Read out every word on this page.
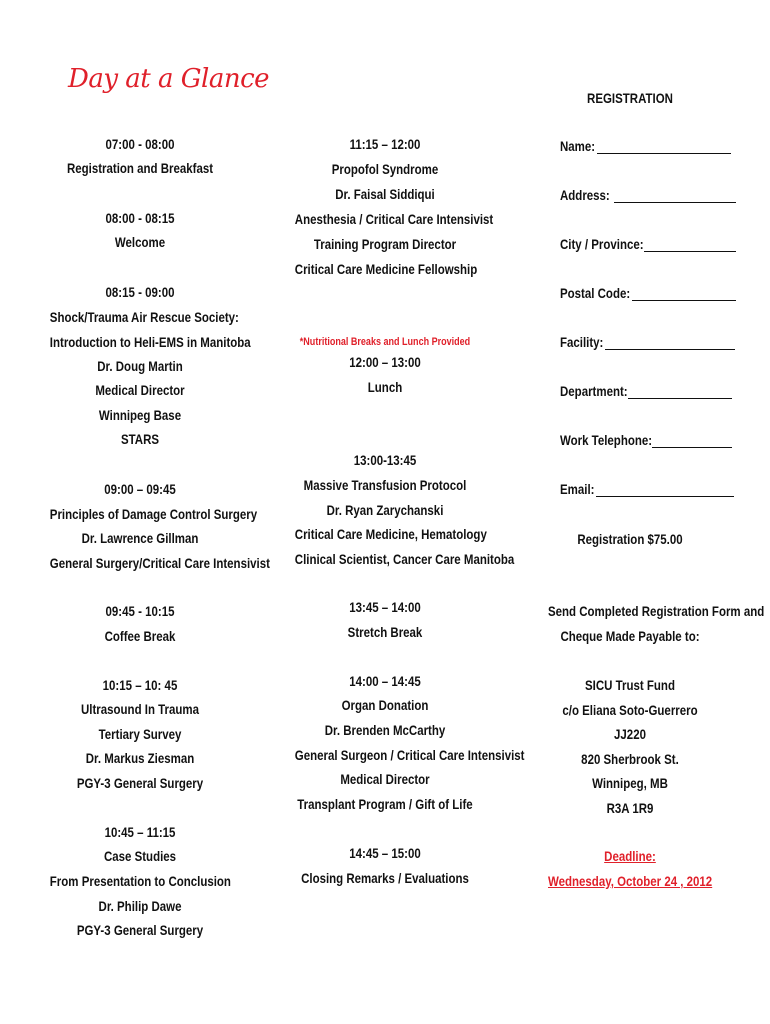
Day at a Glance
07:00 - 08:00
Registration and Breakfast
08:00 - 08:15
Welcome
08:15 - 09:00
Shock/Trauma Air Rescue Society:
Introduction to Heli-EMS in Manitoba
Dr. Doug Martin
Medical Director
Winnipeg Base
STARS
09:00 – 09:45
Principles of Damage Control Surgery
Dr. Lawrence Gillman
General Surgery/Critical Care Intensivist
09:45 - 10:15
Coffee Break
10:15 – 10: 45
Ultrasound In Trauma
Tertiary Survey
Dr. Markus Ziesman
PGY-3 General Surgery
10:45 – 11:15
Case Studies
From Presentation to Conclusion
Dr. Philip Dawe
PGY-3 General Surgery
11:15 – 12:00
Propofol Syndrome
Dr. Faisal Siddiqui
Anesthesia / Critical Care Intensivist
Training Program Director
Critical Care Medicine Fellowship
*Nutritional Breaks and Lunch Provided
12:00 – 13:00
Lunch
13:00-13:45
Massive Transfusion Protocol
Dr. Ryan Zarychanski
Critical Care Medicine, Hematology
Clinical Scientist, Cancer Care Manitoba
13:45 – 14:00
Stretch Break
14:00 – 14:45
Organ Donation
Dr. Brenden McCarthy
General Surgeon / Critical Care Intensivist
Medical Director
Transplant Program / Gift of Life
14:45 – 15:00
Closing Remarks / Evaluations
REGISTRATION
Name:
Address:
City / Province:
Postal Code:
Facility:
Department:
Work Telephone:
Email:
Registration $75.00
Send Completed Registration Form and
Cheque Made Payable to:
SICU Trust Fund
c/o Eliana Soto-Guerrero
JJ220
820 Sherbrook St.
Winnipeg, MB
R3A 1R9
Deadline:
Wednesday, October 24 , 2012
